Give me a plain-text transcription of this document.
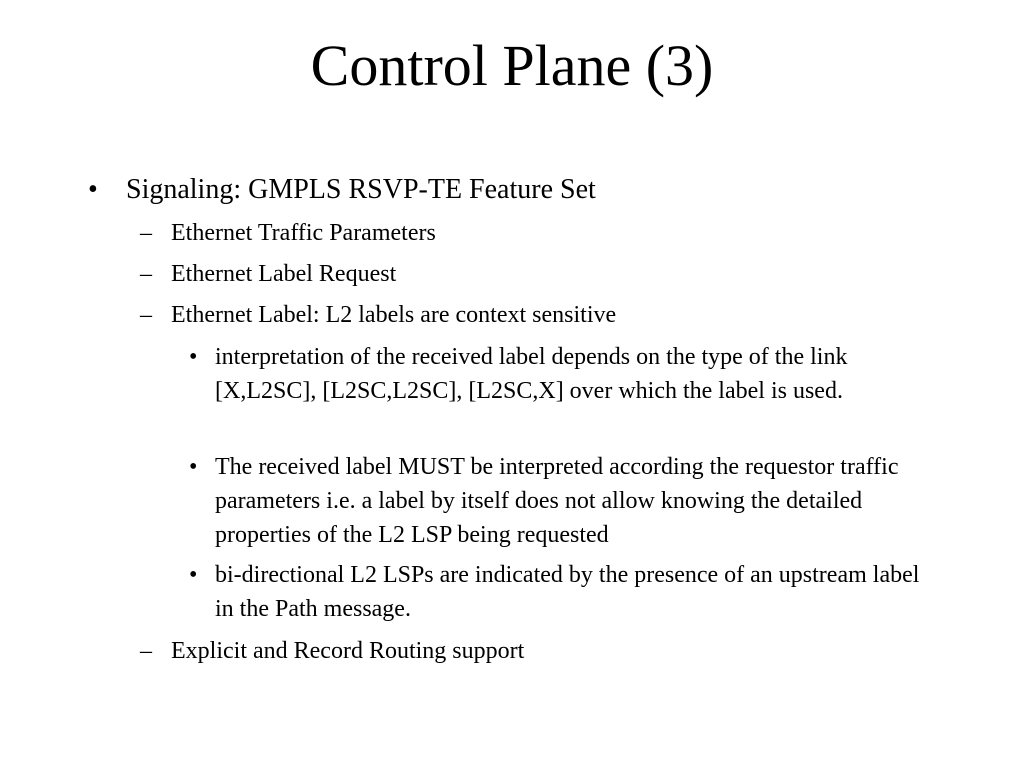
Control Plane (3)
• Signaling: GMPLS RSVP-TE Feature Set
– Ethernet Traffic Parameters
– Ethernet Label Request
– Ethernet Label: L2 labels are context sensitive
• interpretation of the received label depends on the type of the link [X,L2SC], [L2SC,L2SC], [L2SC,X] over which the label is used.
• The received label MUST be interpreted according the requestor traffic parameters i.e. a label by itself does not allow knowing the detailed properties of the L2 LSP being requested
• bi-directional L2 LSPs are indicated by the presence of an upstream label in the Path message.
– Explicit and Record Routing support
